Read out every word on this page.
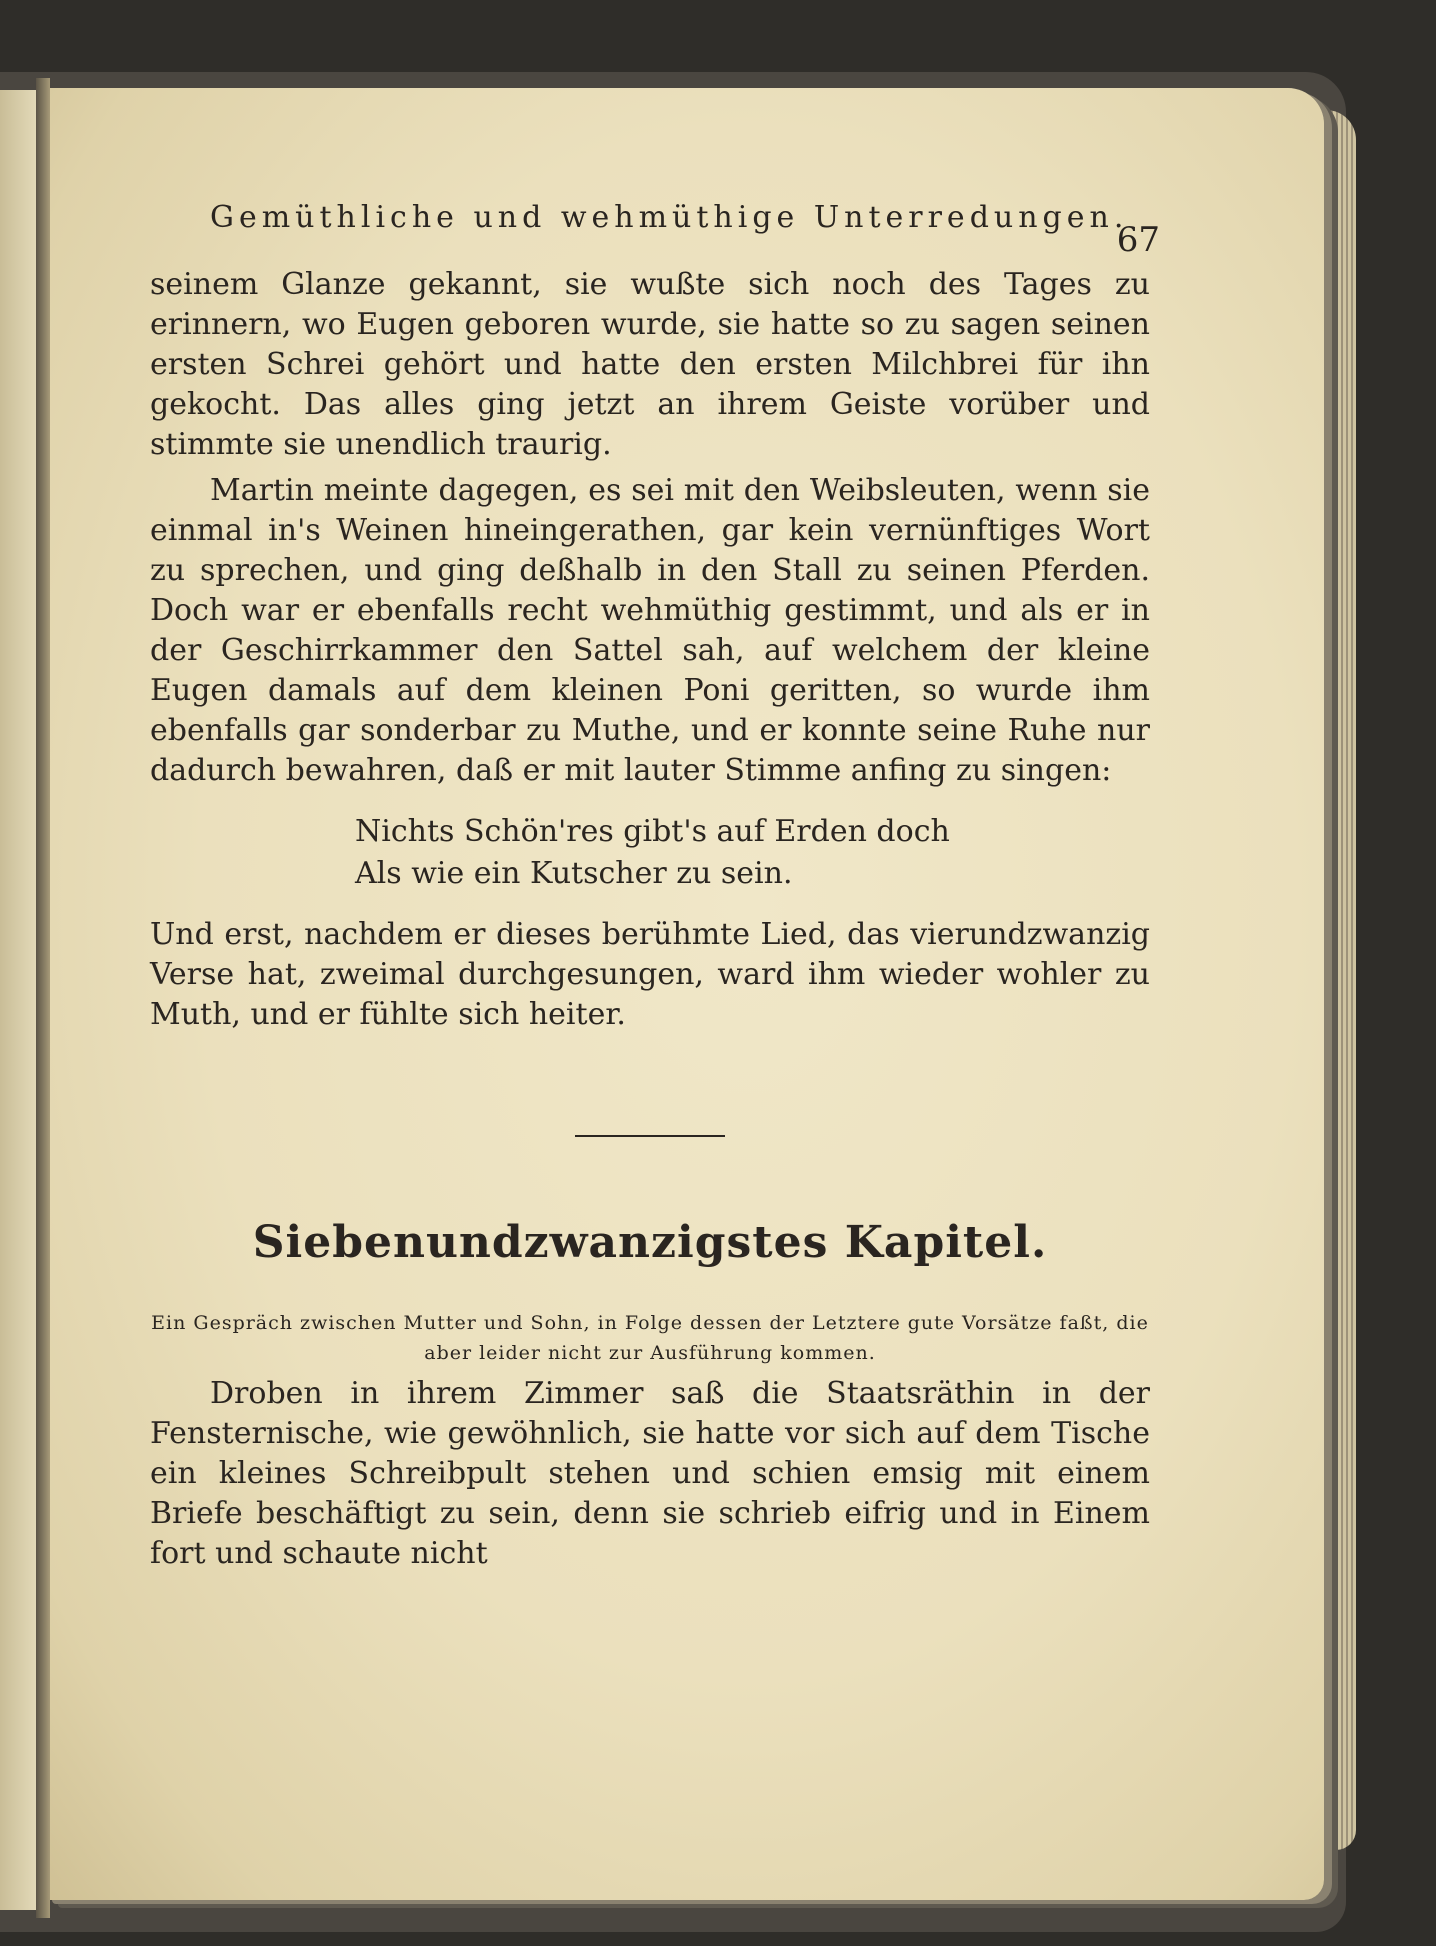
Gemüthliche und wehmüthige Unterredungen.
67

seinem Glanze gekannt, sie wußte sich noch des Tages zu erinnern, wo Eugen geboren wurde, sie hatte so zu sagen seinen ersten Schrei gehört und hatte den ersten Milchbrei für ihn gekocht. Das alles ging jetzt an ihrem Geiste vorüber und stimmte sie unendlich traurig.

Martin meinte dagegen, es sei mit den Weibsleuten, wenn sie einmal in's Weinen hineingerathen, gar kein vernünftiges Wort zu sprechen, und ging deßhalb in den Stall zu seinen Pferden. Doch war er ebenfalls recht wehmüthig gestimmt, und als er in der Geschirrkammer den Sattel sah, auf welchem der kleine Eugen damals auf dem kleinen Poni geritten, so wurde ihm ebenfalls gar sonderbar zu Muthe, und er konnte seine Ruhe nur dadurch bewahren, daß er mit lauter Stimme anfing zu singen:

Nichts Schön'res gibt's auf Erden doch
Als wie ein Kutscher zu sein.

Und erst, nachdem er dieses berühmte Lied, das vierundzwanzig Verse hat, zweimal durchgesungen, ward ihm wieder wohler zu Muth, und er fühlte sich heiter.

Siebenundzwanzigstes Kapitel.

Ein Gespräch zwischen Mutter und Sohn, in Folge dessen der Letztere gute Vorsätze faßt, die aber leider nicht zur Ausführung kommen.

Droben in ihrem Zimmer saß die Staatsräthin in der Fensternische, wie gewöhnlich, sie hatte vor sich auf dem Tische ein kleines Schreibpult stehen und schien emsig mit einem Briefe beschäftigt zu sein, denn sie schrieb eifrig und in Einem fort und schaute nicht
